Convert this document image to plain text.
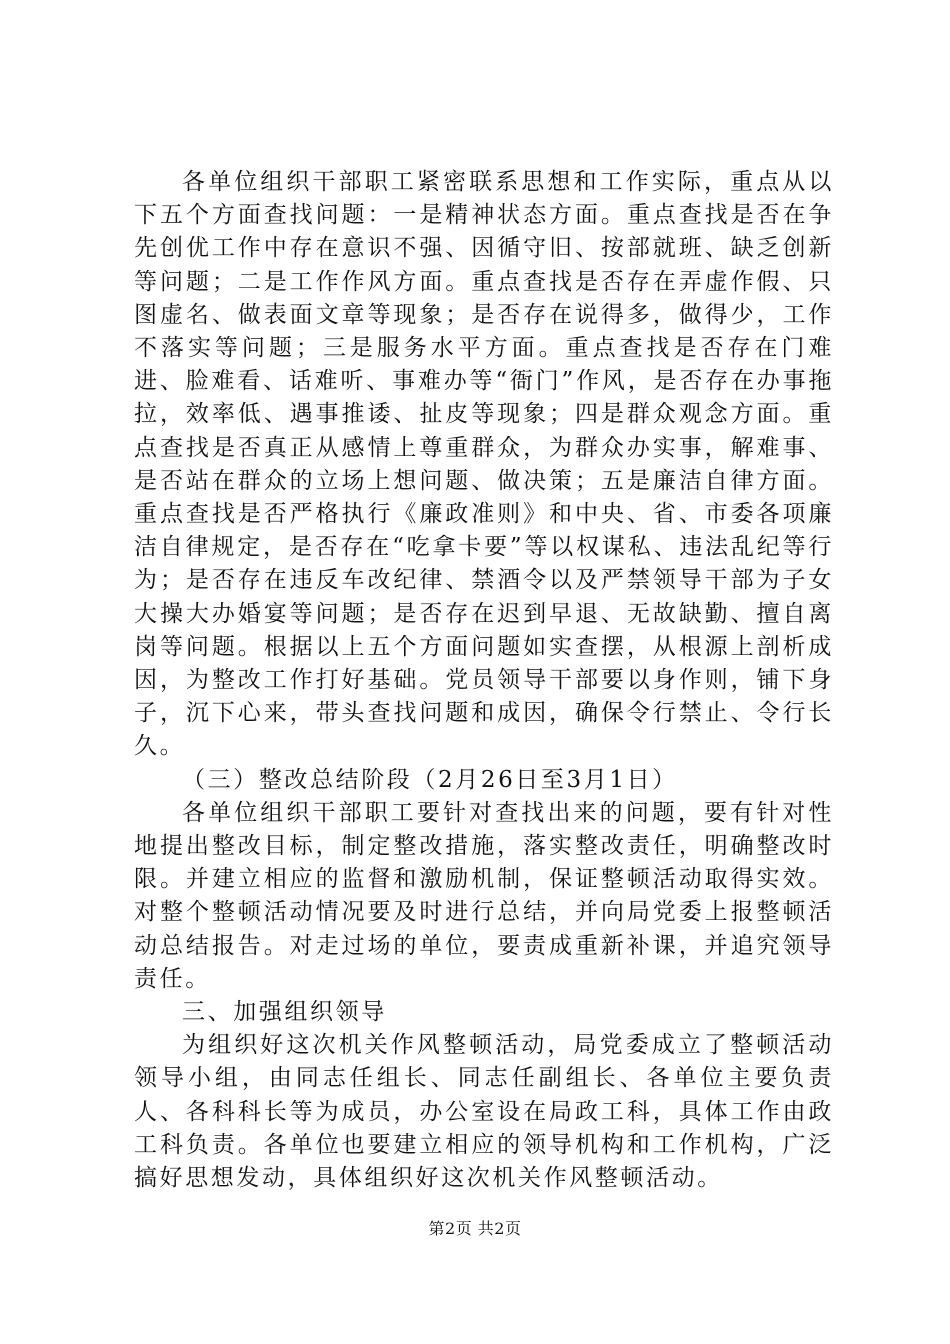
各单位组织干部职工紧密联系思想和工作实际，重点从以下五个方面查找问题：一是精神状态方面。重点查找是否在争先创优工作中存在意识不强、因循守旧、按部就班、缺乏创新等问题；二是工作作风方面。重点查找是否存在弄虚作假、只图虚名、做表面文章等现象；是否存在说得多，做得少，工作不落实等问题；三是服务水平方面。重点查找是否存在门难进、脸难看、话难听、事难办等“衙门”作风，是否存在办事拖拉，效率低、遇事推诿、扯皮等现象；四是群众观念方面。重点查找是否真正从感情上尊重群众，为群众办实事，解难事、是否站在群众的立场上想问题、做决策；五是廉洁自律方面。重点查找是否严格执行《廉政准则》和中央、省、市委各项廉洁自律规定，是否存在“吃拿卡要”等以权谋私、违法乱纪等行为；是否存在违反车改纪律、禁酒令以及严禁领导干部为子女大操大办婚宴等问题；是否存在迟到早退、无故缺勤、擅自离岗等问题。根据以上五个方面问题如实查摆，从根源上剖析成因，为整改工作打好基础。党员领导干部要以身作则，铺下身子，沉下心来，带头查找问题和成因，确保令行禁止、令行长久。

（三）整改总结阶段（2月26日至3月1日）

各单位组织干部职工要针对查找出来的问题，要有针对性地提出整改目标，制定整改措施，落实整改责任，明确整改时限。并建立相应的监督和激励机制，保证整顿活动取得实效。对整个整顿活动情况要及时进行总结，并向局党委上报整顿活动总结报告。对走过场的单位，要责成重新补课，并追究领导责任。

三、加强组织领导

为组织好这次机关作风整顿活动，局党委成立了整顿活动领导小组，由同志任组长、同志任副组长、各单位主要负责人、各科科长等为成员，办公室设在局政工科，具体工作由政工科负责。各单位也要建立相应的领导机构和工作机构，广泛搞好思想发动，具体组织好这次机关作风整顿活动。

第2页 共2页
